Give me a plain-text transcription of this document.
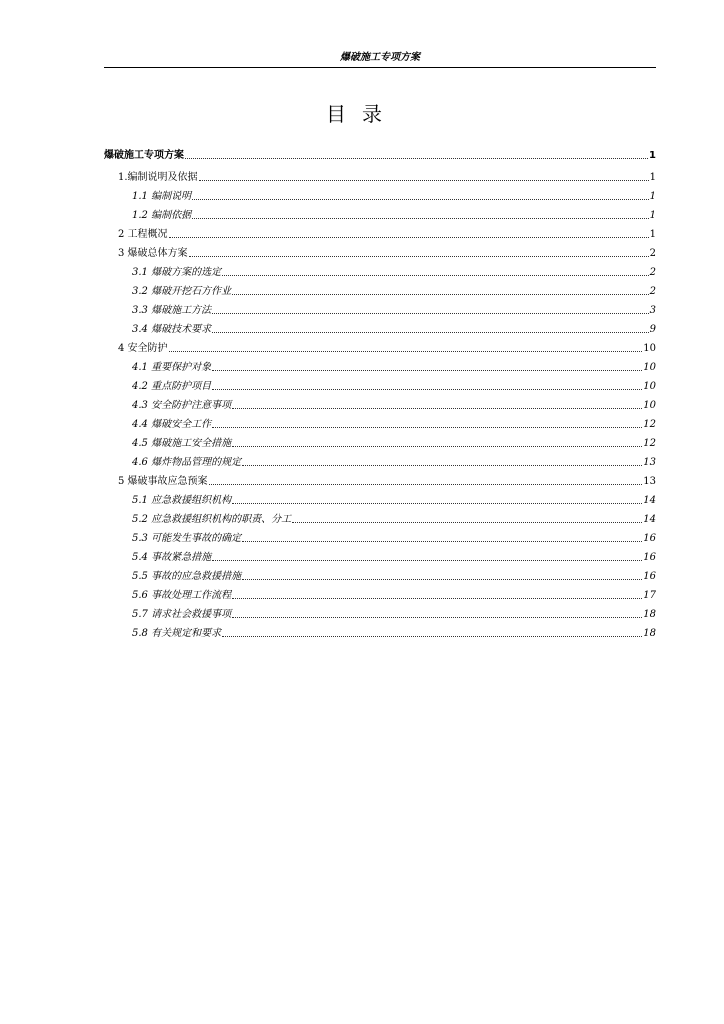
爆破施工专项方案
目录
爆破施工专项方案	1
1.编制说明及依据	1
1.1 编制说明	1
1.2 编制依据	1
2 工程概况	1
3 爆破总体方案	2
3.1 爆破方案的选定	2
3.2 爆破开挖石方作业	2
3.3 爆破施工方法	3
3.4 爆破技术要求	9
4 安全防护	10
4.1 重要保护对象	10
4.2 重点防护项目	10
4.3 安全防护注意事项	10
4.4 爆破安全工作	12
4.5 爆破施工安全措施	12
4.6 爆炸物品管理的规定	13
5 爆破事故应急预案	13
5.1 应急救援组织机构	14
5.2 应急救援组织机构的职责、分工	14
5.3 可能发生事故的确定	16
5.4 事故紧急措施	16
5.5 事故的应急救援措施	16
5.6 事故处理工作流程	17
5.7 请求社会救援事项	18
5.8 有关规定和要求	18
